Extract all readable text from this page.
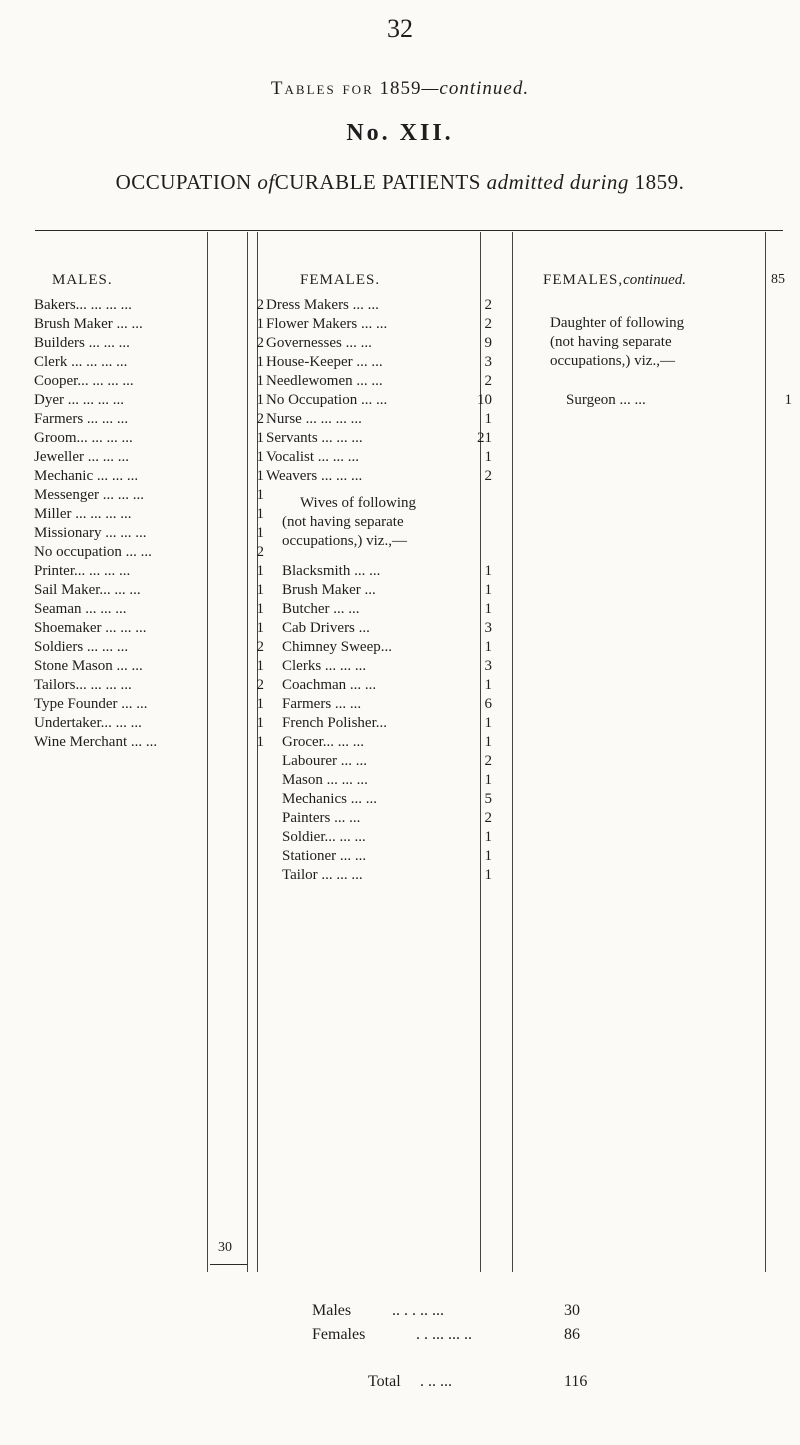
32
Tables for 1859—continued.
No. XII.
OCCUPATION ofCURABLE PATIENTS admitted during 1859.
MALES.	FEMALES.	FEMALES,continued.	85
Bakers... ... ... ...	2
Brush Maker ... ...	1
Builders ... ... ...	2
Clerk ... ... ... ...	1
Cooper... ... ... ...	1
Dyer ... ... ... ...	1
Farmers ... ... ...	2
Groom... ... ... ...	1
Jeweller ... ... ...	1
Mechanic ... ... ...	1
Messenger ... ... ...	1
Miller ... ... ... ...	1
Missionary ... ... ...	1
No occupation ... ...	2
Printer... ... ... ...	1
Sail Maker... ... ...	1
Seaman ... ... ...	1
Shoemaker ... ... ...	1
Soldiers ... ... ...	2
Stone Mason ... ...	1
Tailors... ... ... ...	2
Type Founder ... ...	1
Undertaker... ... ...	1
Wine Merchant ... ...	1
30
Dress Makers ... ...	2
Flower Makers ... ...	2
Governesses ... ...	9
House-Keeper ... ...	3
Needlewomen ... ...	2
No Occupation ... ...	10
Nurse ... ... ... ...	1
Servants ... ... ...	21
Vocalist ... ... ...	1
Weavers ... ... ...	2
Wives of following
(not having separate
occupations,) viz.,—
Blacksmith ... ...	1
Brush Maker ...	1
Butcher ... ...	1
Cab Drivers ...	3
Chimney Sweep...	1
Clerks ... ... ...	3
Coachman ... ...	1
Farmers ... ...	6
French Polisher...	1
Grocer... ... ...	1
Labourer ... ...	2
Mason ... ... ...	1
Mechanics ... ...	5
Painters ... ...	2
Soldier... ... ...	1
Stationer ... ...	1
Tailor ... ... ...	1
Daughter of following
(not having separate
occupations,) viz.,—
Surgeon ... ...	1
Males	.. . . .. ...	30
Females	. . ... ... ..	86
Total . .. ...	116
